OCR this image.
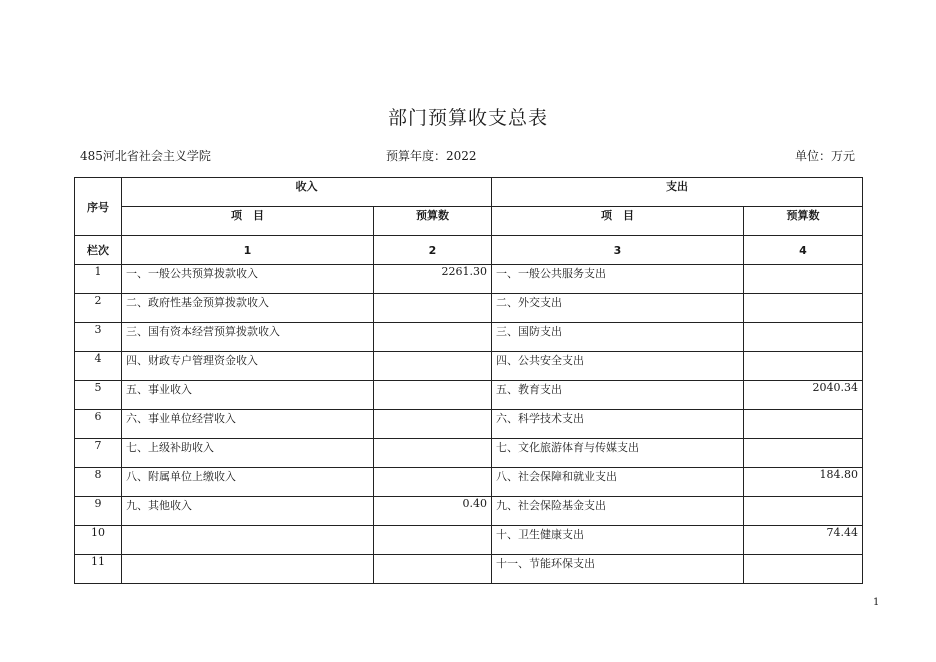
部门预算收支总表
485河北省社会主义学院	预算年度：2022	单位：万元
序号	收入		支出	
	项　目	预算数	项　目	预算数
栏次	1	2	3	4
1	一、一般公共预算拨款收入	2261.30	一、一般公共服务支出	
2	二、政府性基金预算拨款收入		二、外交支出	
3	三、国有资本经营预算拨款收入		三、国防支出	
4	四、财政专户管理资金收入		四、公共安全支出	
5	五、事业收入		五、教育支出	2040.34
6	六、事业单位经营收入		六、科学技术支出	
7	七、上级补助收入		七、文化旅游体育与传媒支出	
8	八、附属单位上缴收入		八、社会保障和就业支出	184.80
9	九、其他收入	0.40	九、社会保险基金支出	
10			十、卫生健康支出	74.44
11			十一、节能环保支出	
1
